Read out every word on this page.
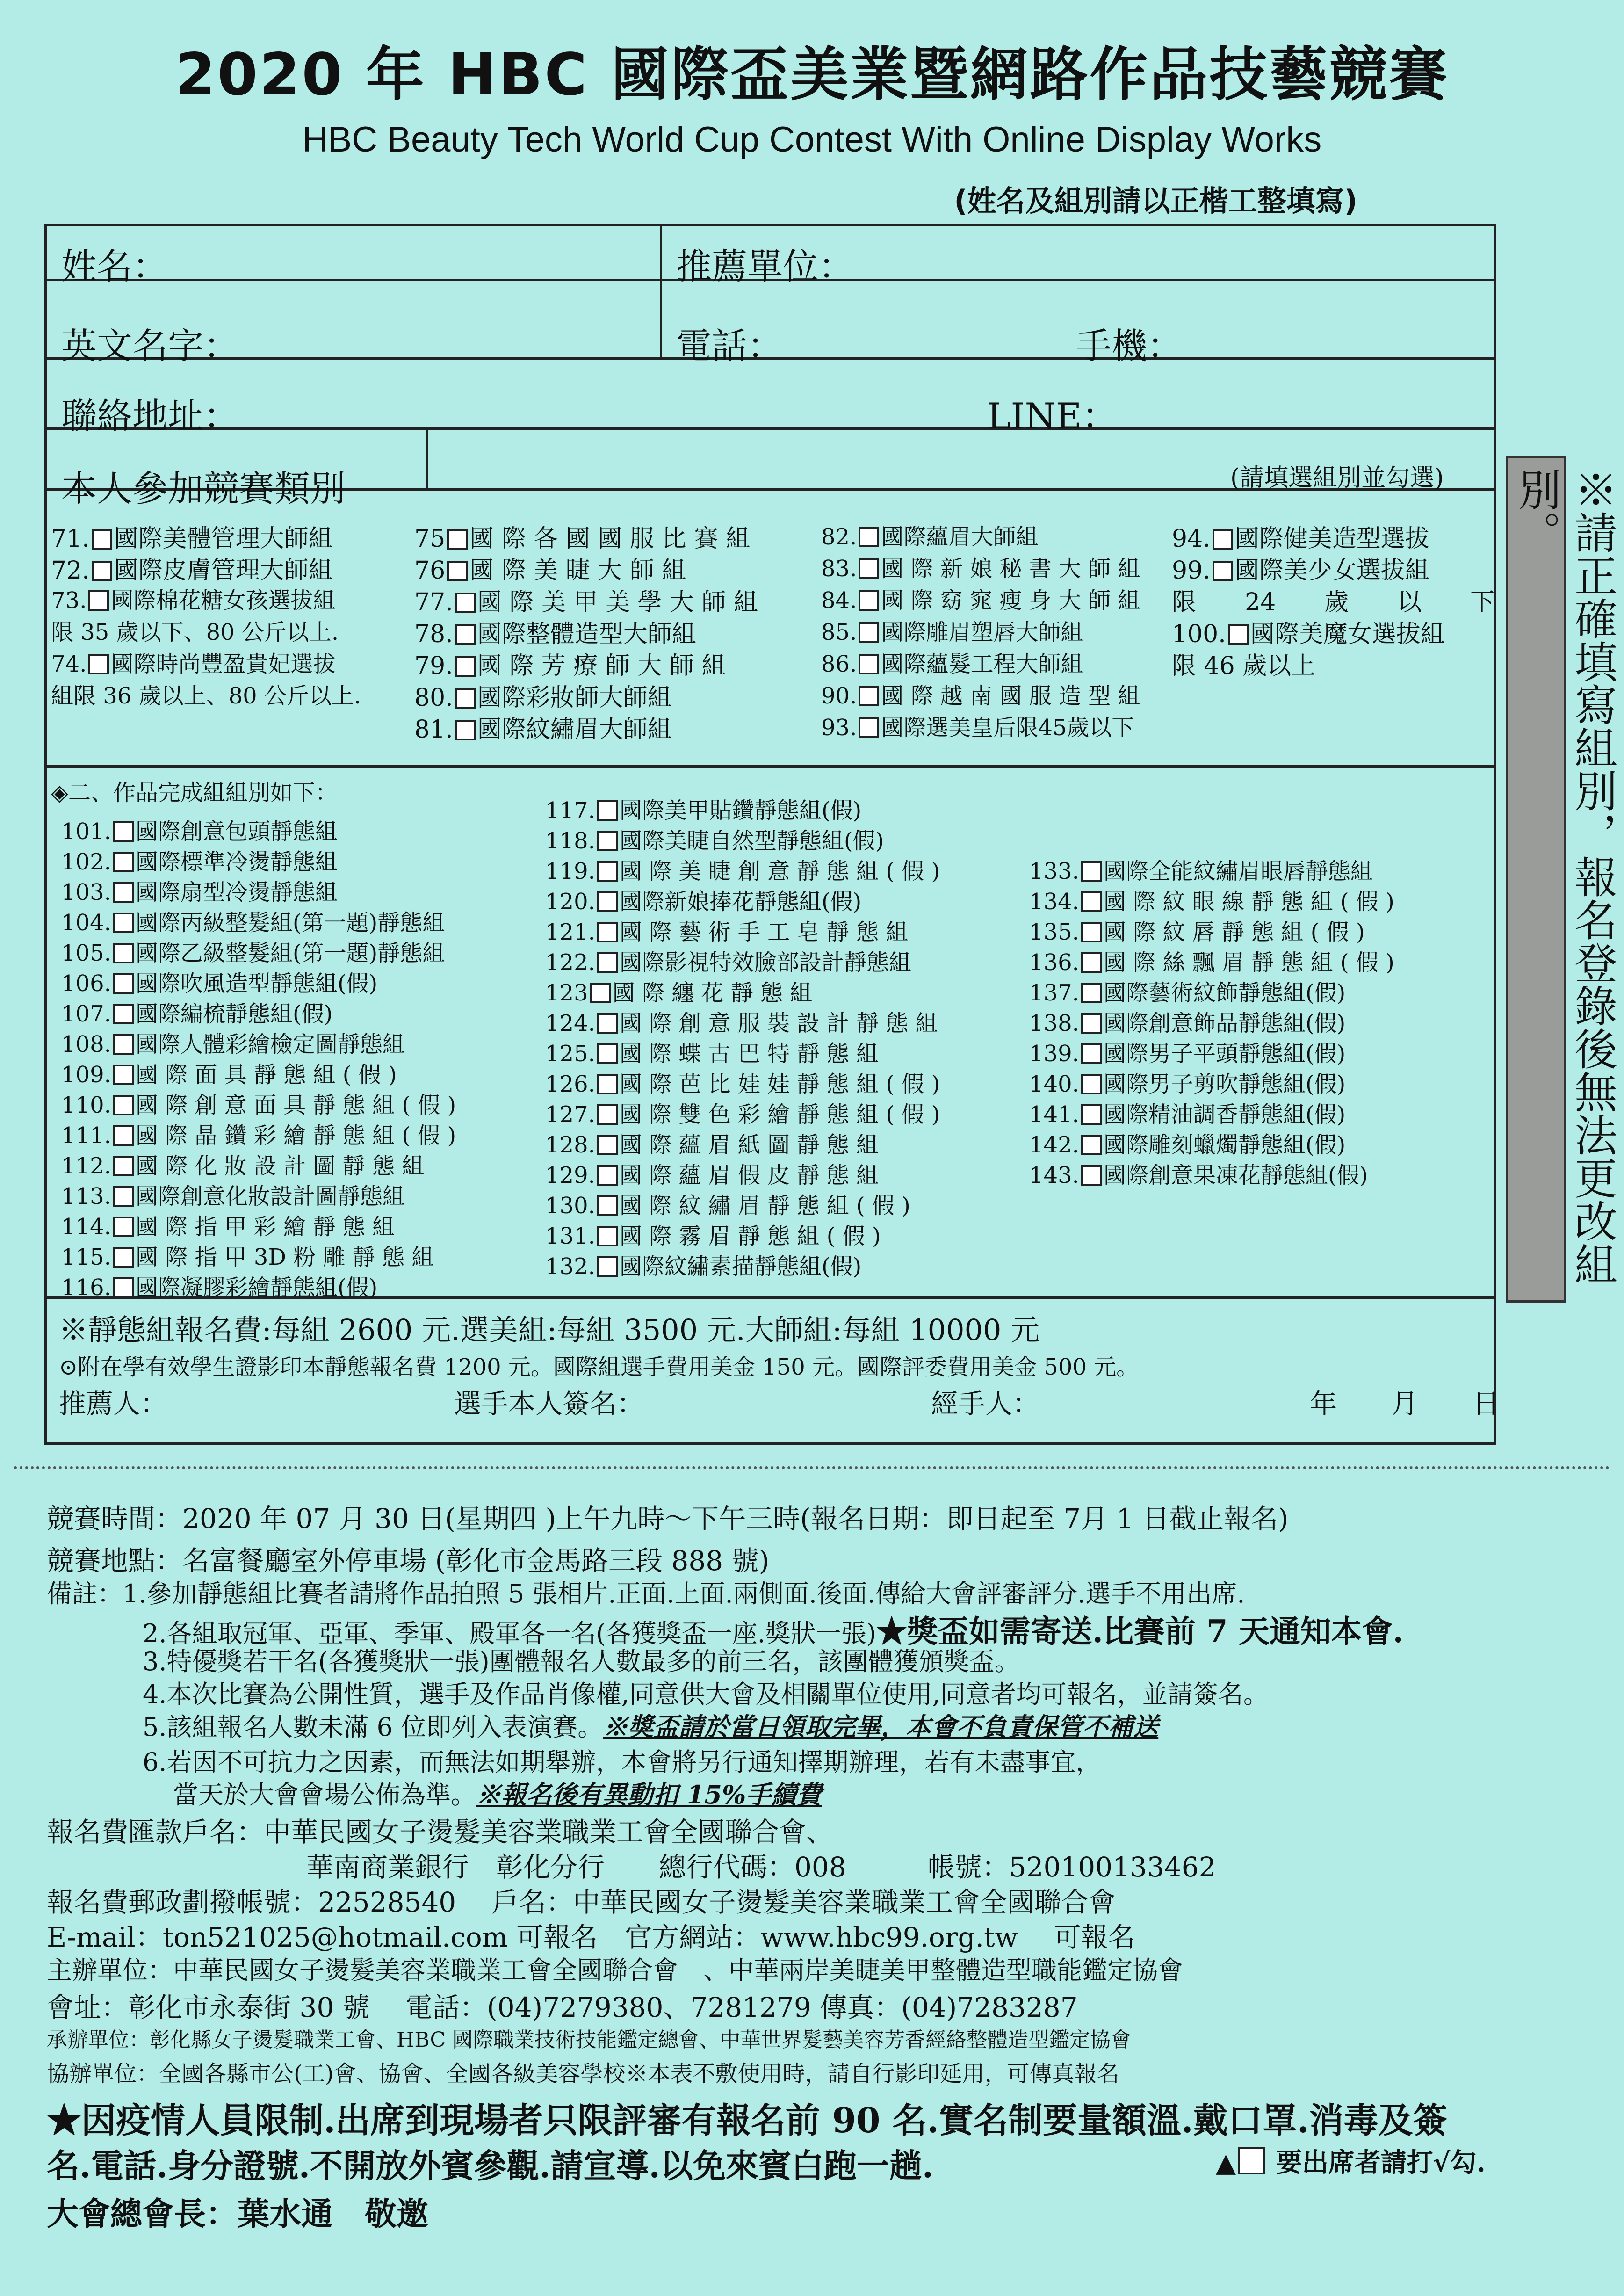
2020 年 HBC 國際盃美業暨網路作品技藝競賽
HBC Beauty Tech World Cup Contest With Online Display Works
(姓名及組別請以正楷工整填寫)
姓名：	推薦單位：
英文名字：	電話：	手機：
聯絡地址：	LINE：
本人參加競賽類別	(請填選組別並勾選)
71. 國際美體管理大師組
72. 國際皮膚管理大師組
73. 國際棉花糖女孩選拔組
限 35 歲以下、80 公斤以上.
74. 國際時尚豐盈貴妃選拔
組限 36 歲以上、80 公斤以上.
75 國 際 各 國 國 服 比 賽 組
76 國 際 美 睫 大 師 組
77. 國 際 美 甲 美 學 大 師 組
78. 國際整體造型大師組
79. 國 際 芳 療 師 大 師 組
80. 國際彩妝師大師組
81. 國際紋繡眉大師組
82. 國際蘊眉大師組
83. 國 際 新 娘 秘 書 大 師 組
84. 國 際 窈 窕 瘦 身 大 師 組
85. 國際雕眉塑唇大師組
86. 國際蘊髮工程大師組
90. 國 際 越 南 國 服 造 型 組
93. 國際選美皇后限45歲以下
94. 國際健美造型選拔
99. 國際美少女選拔組
限　　24　　歲　　以　　下
100. 國際美魔女選拔組
限 46 歲以上
◈二、作品完成組組別如下：
101. 國際創意包頭靜態組
102. 國際標準冷燙靜態組
103. 國際扇型冷燙靜態組
104. 國際丙級整髮組(第一題)靜態組
105. 國際乙級整髮組(第一題)靜態組
106. 國際吹風造型靜態組(假)
107. 國際編梳靜態組(假)
108. 國際人體彩繪檢定圖靜態組
109. 國 際 面 具 靜 態 組 ( 假 )
110. 國 際 創 意 面 具 靜 態 組 ( 假 )
111. 國 際 晶 鑽 彩 繪 靜 態 組 ( 假 )
112. 國 際 化 妝 設 計 圖 靜 態 組
113. 國際創意化妝設計圖靜態組
114. 國 際 指 甲 彩 繪 靜 態 組
115. 國 際 指 甲 3D 粉 雕 靜 態 組
116. 國際凝膠彩繪靜態組(假)
117. 國際美甲貼鑽靜態組(假)
118. 國際美睫自然型靜態組(假)
119. 國 際 美 睫 創 意 靜 態 組 ( 假 )
120. 國際新娘捧花靜態組(假)
121. 國 際 藝 術 手 工 皂 靜 態 組
122. 國際影視特效臉部設計靜態組
123 國 際 纏 花 靜 態 組
124. 國 際 創 意 服 裝 設 計 靜 態 組
125. 國 際 蝶 古 巴 特 靜 態 組
126. 國 際 芭 比 娃 娃 靜 態 組 ( 假 )
127. 國 際 雙 色 彩 繪 靜 態 組 ( 假 )
128. 國 際 蘊 眉 紙 圖 靜 態 組
129. 國 際 蘊 眉 假 皮 靜 態 組
130. 國 際 紋 繡 眉 靜 態 組 ( 假 )
131. 國 際 霧 眉 靜 態 組 ( 假 )
132. 國際紋繡素描靜態組(假)
133. 國際全能紋繡眉眼唇靜態組
134. 國 際 紋 眼 線 靜 態 組 ( 假 )
135. 國 際 紋 唇 靜 態 組 ( 假 )
136. 國 際 絲 飄 眉 靜 態 組 ( 假 )
137. 國際藝術紋飾靜態組(假)
138. 國際創意飾品靜態組(假)
139. 國際男子平頭靜態組(假)
140. 國際男子剪吹靜態組(假)
141. 國際精油調香靜態組(假)
142. 國際雕刻蠟燭靜態組(假)
143. 國際創意果凍花靜態組(假)
※靜態組報名費:每組 2600 元.選美組:每組 3500 元.大師組:每組 10000 元
⊙附在學有效學生證影印本靜態報名費 1200 元。國際組選手費用美金 150 元。國際評委費用美金 500 元。
推薦人：	選手本人簽名：	經手人：	年　　月　　日
※請正確填寫組別，報名登錄後無法更改組別。
競賽時間：2020 年 07 月 30 日(星期四 )上午九時～下午三時(報名日期：即日起至 7月 1 日截止報名)
競賽地點：名富餐廳室外停車場 (彰化市金馬路三段 888 號)
備註：1.參加靜態組比賽者請將作品拍照 5 張相片.正面.上面.兩側面.後面.傳給大會評審評分.選手不用出席.
2.各組取冠軍、亞軍、季軍、殿軍各一名(各獲獎盃一座.獎狀一張)★獎盃如需寄送.比賽前 7 天通知本會.
3.特優獎若干名(各獲獎狀一張)團體報名人數最多的前三名，該團體獲頒獎盃。
4.本次比賽為公開性質，選手及作品肖像權,同意供大會及相關單位使用,同意者均可報名，並請簽名。
5.該組報名人數未滿 6 位即列入表演賽。※獎盃請於當日領取完畢，本會不負責保管不補送
6.若因不可抗力之因素，而無法如期舉辦，本會將另行通知擇期辦理，若有未盡事宜，
當天於大會會場公佈為準。※報名後有異動扣 15%手續費
報名費匯款戶名：中華民國女子燙髮美容業職業工會全國聯合會、
華南商業銀行　彰化分行　　總行代碼：008　　　帳號：520100133462
報名費郵政劃撥帳號：22528540　 戶名：中華民國女子燙髮美容業職業工會全國聯合會
E-mail：ton521025@hotmail.com 可報名　官方網站：www.hbc99.org.tw　 可報名
主辦單位：中華民國女子燙髮美容業職業工會全國聯合會　、中華兩岸美睫美甲整體造型職能鑑定協會
會址：彰化市永泰街 30 號　 電話：(04)7279380、7281279 傳真：(04)7283287
承辦單位：彰化縣女子燙髮職業工會、HBC 國際職業技術技能鑑定總會、中華世界髮藝美容芳香經絡整體造型鑑定協會
協辦單位：全國各縣市公(工)會、協會、全國各級美容學校※本表不敷使用時，請自行影印延用，可傳真報名
★因疫情人員限制.出席到現場者只限評審有報名前 90 名.實名制要量額溫.戴口罩.消毒及簽
名.電話.身分證號.不開放外賓參觀.請宣導.以免來賓白跑一趟.	▲ 要出席者請打√勾.
大會總會長：葉水通　敬邀
